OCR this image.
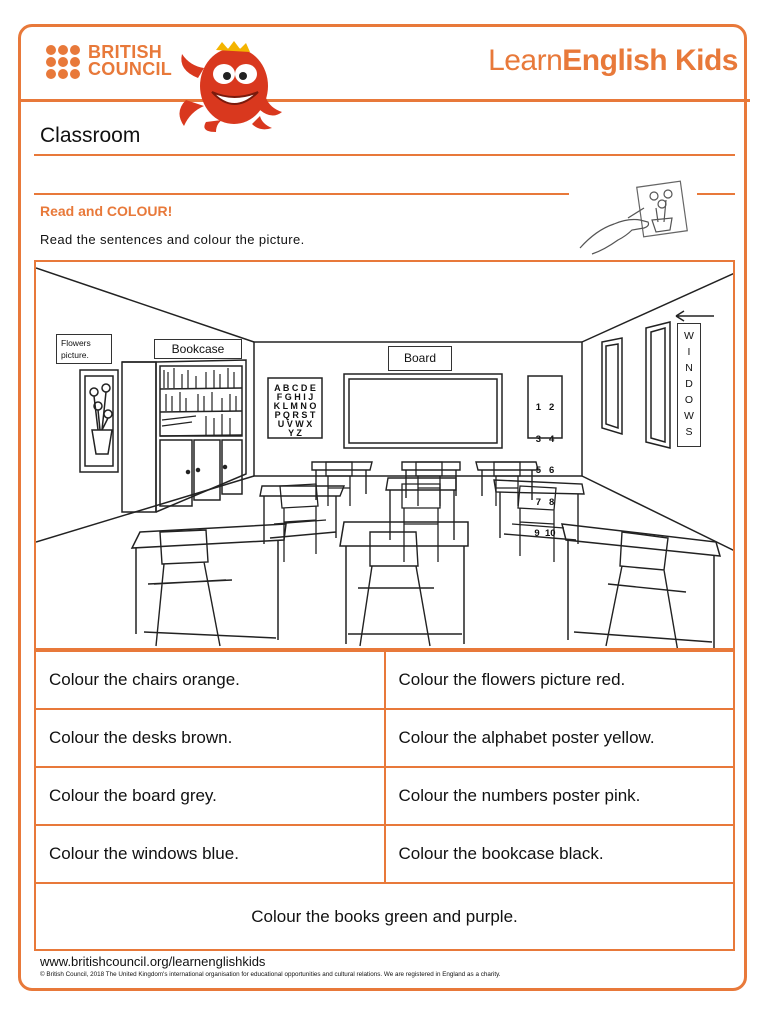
BRITISH
COUNCIL	LearnEnglish Kids
Classroom
Read and COLOUR!
Read the sentences and colour the picture.
Flowers picture.	Bookcase
Board
W
I
N
D
O
W
S
A B C D E
F G H I J
K L M N O
P Q R S T
U V W X
Y Z

1   2

3   4

5   6

7   8

9  10

Colour the chairs orange.	Colour the flowers picture red.
Colour the desks brown.	Colour the alphabet poster yellow.
Colour the board grey.	Colour the numbers poster pink.
Colour the windows blue.	Colour the bookcase black.
Colour the books green and purple.
www.britishcouncil.org/learnenglishkids
© British Council, 2018 The United Kingdom's international organisation for educational opportunities and cultural relations. We are registered in England as a charity.
